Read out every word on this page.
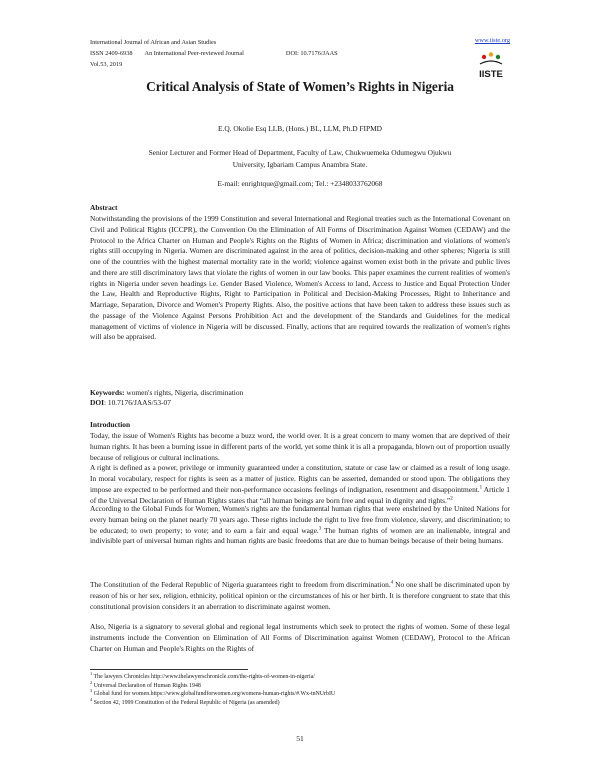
International Journal of African and Asian Studies
ISSN 2409-6938 An International Peer-reviewed Journal	DOI: 10.7176/JAAS
Vol.53, 2019
www.iiste.org
IISTE
Critical Analysis of State of Women’s Rights in Nigeria
E.Q. Okolie Esq LLB, (Hons.) BL, LLM, Ph.D FIPMD
Senior Lecturer and Former Head of Department, Faculty of Law, Chukwuemeka Odumegwu Ojukwu
University, Igbariam Campus Anambra State.
E-mail: enrightque@gmail.com; Tel.: +2348033762068
Abstract
Notwithstanding the provisions of the 1999 Constitution and several International and Regional treaties such as the International Covenant on Civil and Political Rights (ICCPR), the Convention On the Elimination of All Forms of Discrimination Against Women (CEDAW) and the Protocol to the Africa Charter on Human and People's Rights on the Rights of Women in Africa; discrimination and violations of women's rights still occupying in Nigeria. Women are discriminated against in the area of politics, decision-making and other spheres; Nigeria is still one of the countries with the highest maternal mortality rate in the world; violence against women exist both in the private and public lives and there are still discriminatory laws that violate the rights of women in our law books. This paper examines the current realities of women's rights in Nigeria under seven headings i.e. Gender Based Violence, Women's Access to land, Access to Justice and Equal Protection Under the Law, Health and Reproductive Rights, Right to Participation in Political and Decision-Making Processes, Right to Inheritance and Marriage, Separation, Divorce and Women's Property Rights. Also, the positive actions that have been taken to address these issues such as the passage of the Violence Against Persons Prohibition Act and the development of the Standards and Guidelines for the medical management of victims of violence in Nigeria will be discussed. Finally, actions that are required towards the realization of women's rights will also be appraised.
Keywords: women's rights, Nigeria, discrimination
DOI: 10.7176/JAAS/53-07
Introduction

Today, the issue of Women's Rights has become a buzz word, the world over. It is a great concern to many women that are deprived of their human rights. It has been a burning issue in different parts of the world, yet some think it is all a propaganda, blown out of proportion usually because of religious or cultural inclinations.

A right is defined as a power, privilege or immunity guaranteed under a constitution, statute or case law or claimed as a result of long usage. In moral vocabulary, respect for rights is seen as a matter of justice. Rights can be asserted, demanded or stood upon. The obligations they impose are expected to be performed and their non-performance occasions feelings of indignation, resentment and disappointment.$^1$ Article 1 of the Universal Declaration of Human Rights states that “all human beings are born free and equal in dignity and rights.”$^2$

According to the Global Funds for Women, Women's rights are the fundamental human rights that were enshrined by the United Nations for every human being on the planet nearly 70 years ago. These rights include the right to live free from violence, slavery, and discrimination; to be educated; to own property; to vote; and to earn a fair and equal wage.$^3$ The human rights of women are an inalienable, integral and indivisible part of universal human rights and human rights are basic freedoms that are due to human beings because of their being humans.

The Constitution of the Federal Republic of Nigeria guarantees right to freedom from discrimination.$^4$ No one shall be discriminated upon by reason of his or her sex, religion, ethnicity, political opinion or the circumstances of his or her birth. It is therefore congruent to state that this constitutional provision considers it an aberration to discriminate against women.

Also, Nigeria is a signatory to several global and regional legal instruments which seek to protect the rights of women. Some of these legal instruments include the Convention on Elimination of All Forms of Discrimination against Women (CEDAW), Protocol to the African Charter on Human and People's Rights on the Rights of
$^1$ The lawyers Chronicles http://www.thelawyerschronicle.com/the-rights-of-women-in-nigeria/
$^2$ Universal Declaration of Human Rights 1948
$^3$ Global fund for women.https://www.globalfundforwomen.org/womens-human-rights/#.Wx-tnNUrbIU
$^4$ Section 42, 1999 Constitution of the Federal Republic of Nigeria (as amended)
51
